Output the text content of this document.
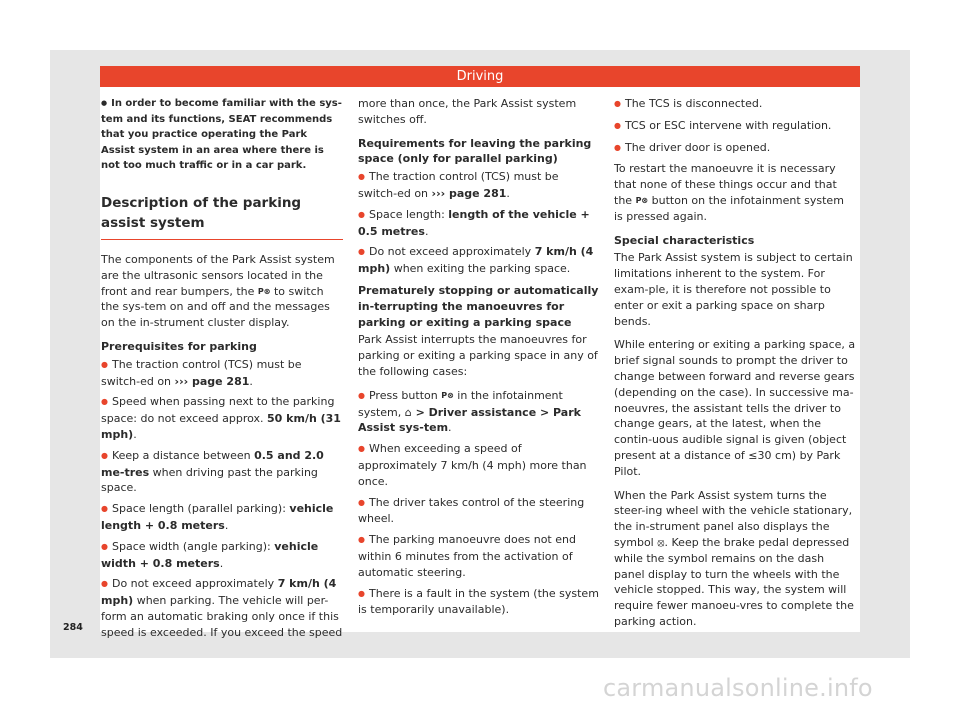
Driving
● In order to become familiar with the sys-tem and its functions, SEAT recommends that you practice operating the Park Assist system in an area where there is not too much traffic or in a car park.
Description of the parking assist system

The components of the Park Assist system are the ultrasonic sensors located in the front and rear bumpers, the P⊗ to switch the sys-tem on and off and the messages on the in-strument cluster display.

Prerequisites for parking
● The traction control (TCS) must be switch-ed on ››› page 281.
● Speed when passing next to the parking space: do not exceed approx. 50 km/h (31 mph).
● Keep a distance between 0.5 and 2.0 me-tres when driving past the parking space.
● Space length (parallel parking): vehicle length + 0.8 meters.
● Space width (angle parking): vehicle width + 0.8 meters.
● Do not exceed approximately 7 km/h (4 mph) when parking. The vehicle will per-form an automatic braking only once if this speed is exceeded. If you exceed the speed

more than once, the Park Assist system switches off.

Requirements for leaving the parking space (only for parallel parking)
● The traction control (TCS) must be switch-ed on ››› page 281.
● Space length: length of the vehicle + 0.5 metres.
● Do not exceed approximately 7 km/h (4 mph) when exiting the parking space.
Prematurely stopping or automatically in-terrupting the manoeuvres for parking or exiting a parking space

Park Assist interrupts the manoeuvres for parking or exiting a parking space in any of the following cases:

● Press button P⊗ in the infotainment system, ⌂ > Driver assistance > Park Assist sys-tem.
● When exceeding a speed of approximately 7 km/h (4 mph) more than once.
● The driver takes control of the steering wheel.
● The parking manoeuvre does not end within 6 minutes from the activation of automatic steering.
● There is a fault in the system (the system is temporarily unavailable).
● The TCS is disconnected.
● TCS or ESC intervene with regulation.
● The driver door is opened.

To restart the manoeuvre it is necessary that none of these things occur and that the P⊗ button on the infotainment system is pressed again.

Special characteristics

The Park Assist system is subject to certain limitations inherent to the system. For exam-ple, it is therefore not possible to enter or exit a parking space on sharp bends.

While entering or exiting a parking space, a brief signal sounds to prompt the driver to change between forward and reverse gears (depending on the case). In successive ma-noeuvres, the assistant tells the driver to change gears, at the latest, when the contin-uous audible signal is given (object present at a distance of ≤30 cm) by Park Pilot.

When the Park Assist system turns the steer-ing wheel with the vehicle stationary, the in-strument panel also displays the symbol ⦻. Keep the brake pedal depressed while the symbol remains on the dash panel display to turn the wheels with the vehicle stopped. This way, the system will require fewer manoeu-vres to complete the parking action.

284
carmanualsonline.info
